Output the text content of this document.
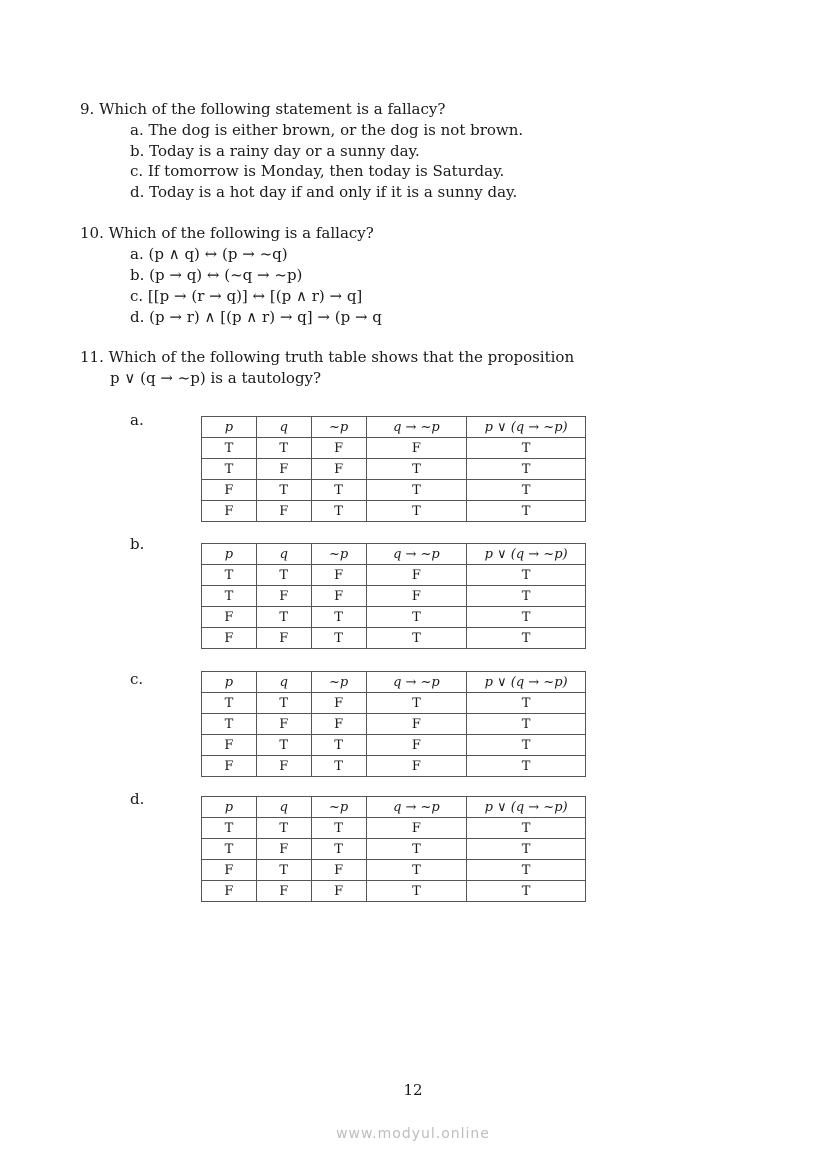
9. Which of the following statement is a fallacy?
a. The dog is either brown, or the dog is not brown.
b. Today is a rainy day or a sunny day.
c. If tomorrow is Monday, then today is Saturday.
d. Today is a hot day if and only if it is a sunny day.
10. Which of the following is a fallacy?
a. (p ∧ q) ↔ (p → ~q)
b. (p → q) ↔ (~q → ~p)
c. [[p → (r → q)] ↔ [(p ∧ r) → q]
d. (p → r) ∧ [(p ∧ r) → q] → (p → q
11. Which of the following truth table shows that the proposition
p ∨ (q → ~p) is a tautology?
a.	p	q	~p	q → ~p	p ∨ (q → ~p)
T	T	F	F	T
T	F	F	T	T
F	T	T	T	T
F	F	T	T	T
b.
p	q	~p	q → ~p	p ∨ (q → ~p)
T	T	F	F	T
T	F	F	F	T
F	T	T	T	T
F	F	T	T	T
c.	p	q	~p	q → ~p	p ∨ (q → ~p)
T	T	F	T	T
T	F	F	F	T
F	T	T	F	T
F	F	T	F	T
d.	p	q	~p	q → ~p	p ∨ (q → ~p)
T	T	T	F	T
T	F	T	T	T
F	T	F	T	T
F	F	F	T	T
12
www.modyul.online
